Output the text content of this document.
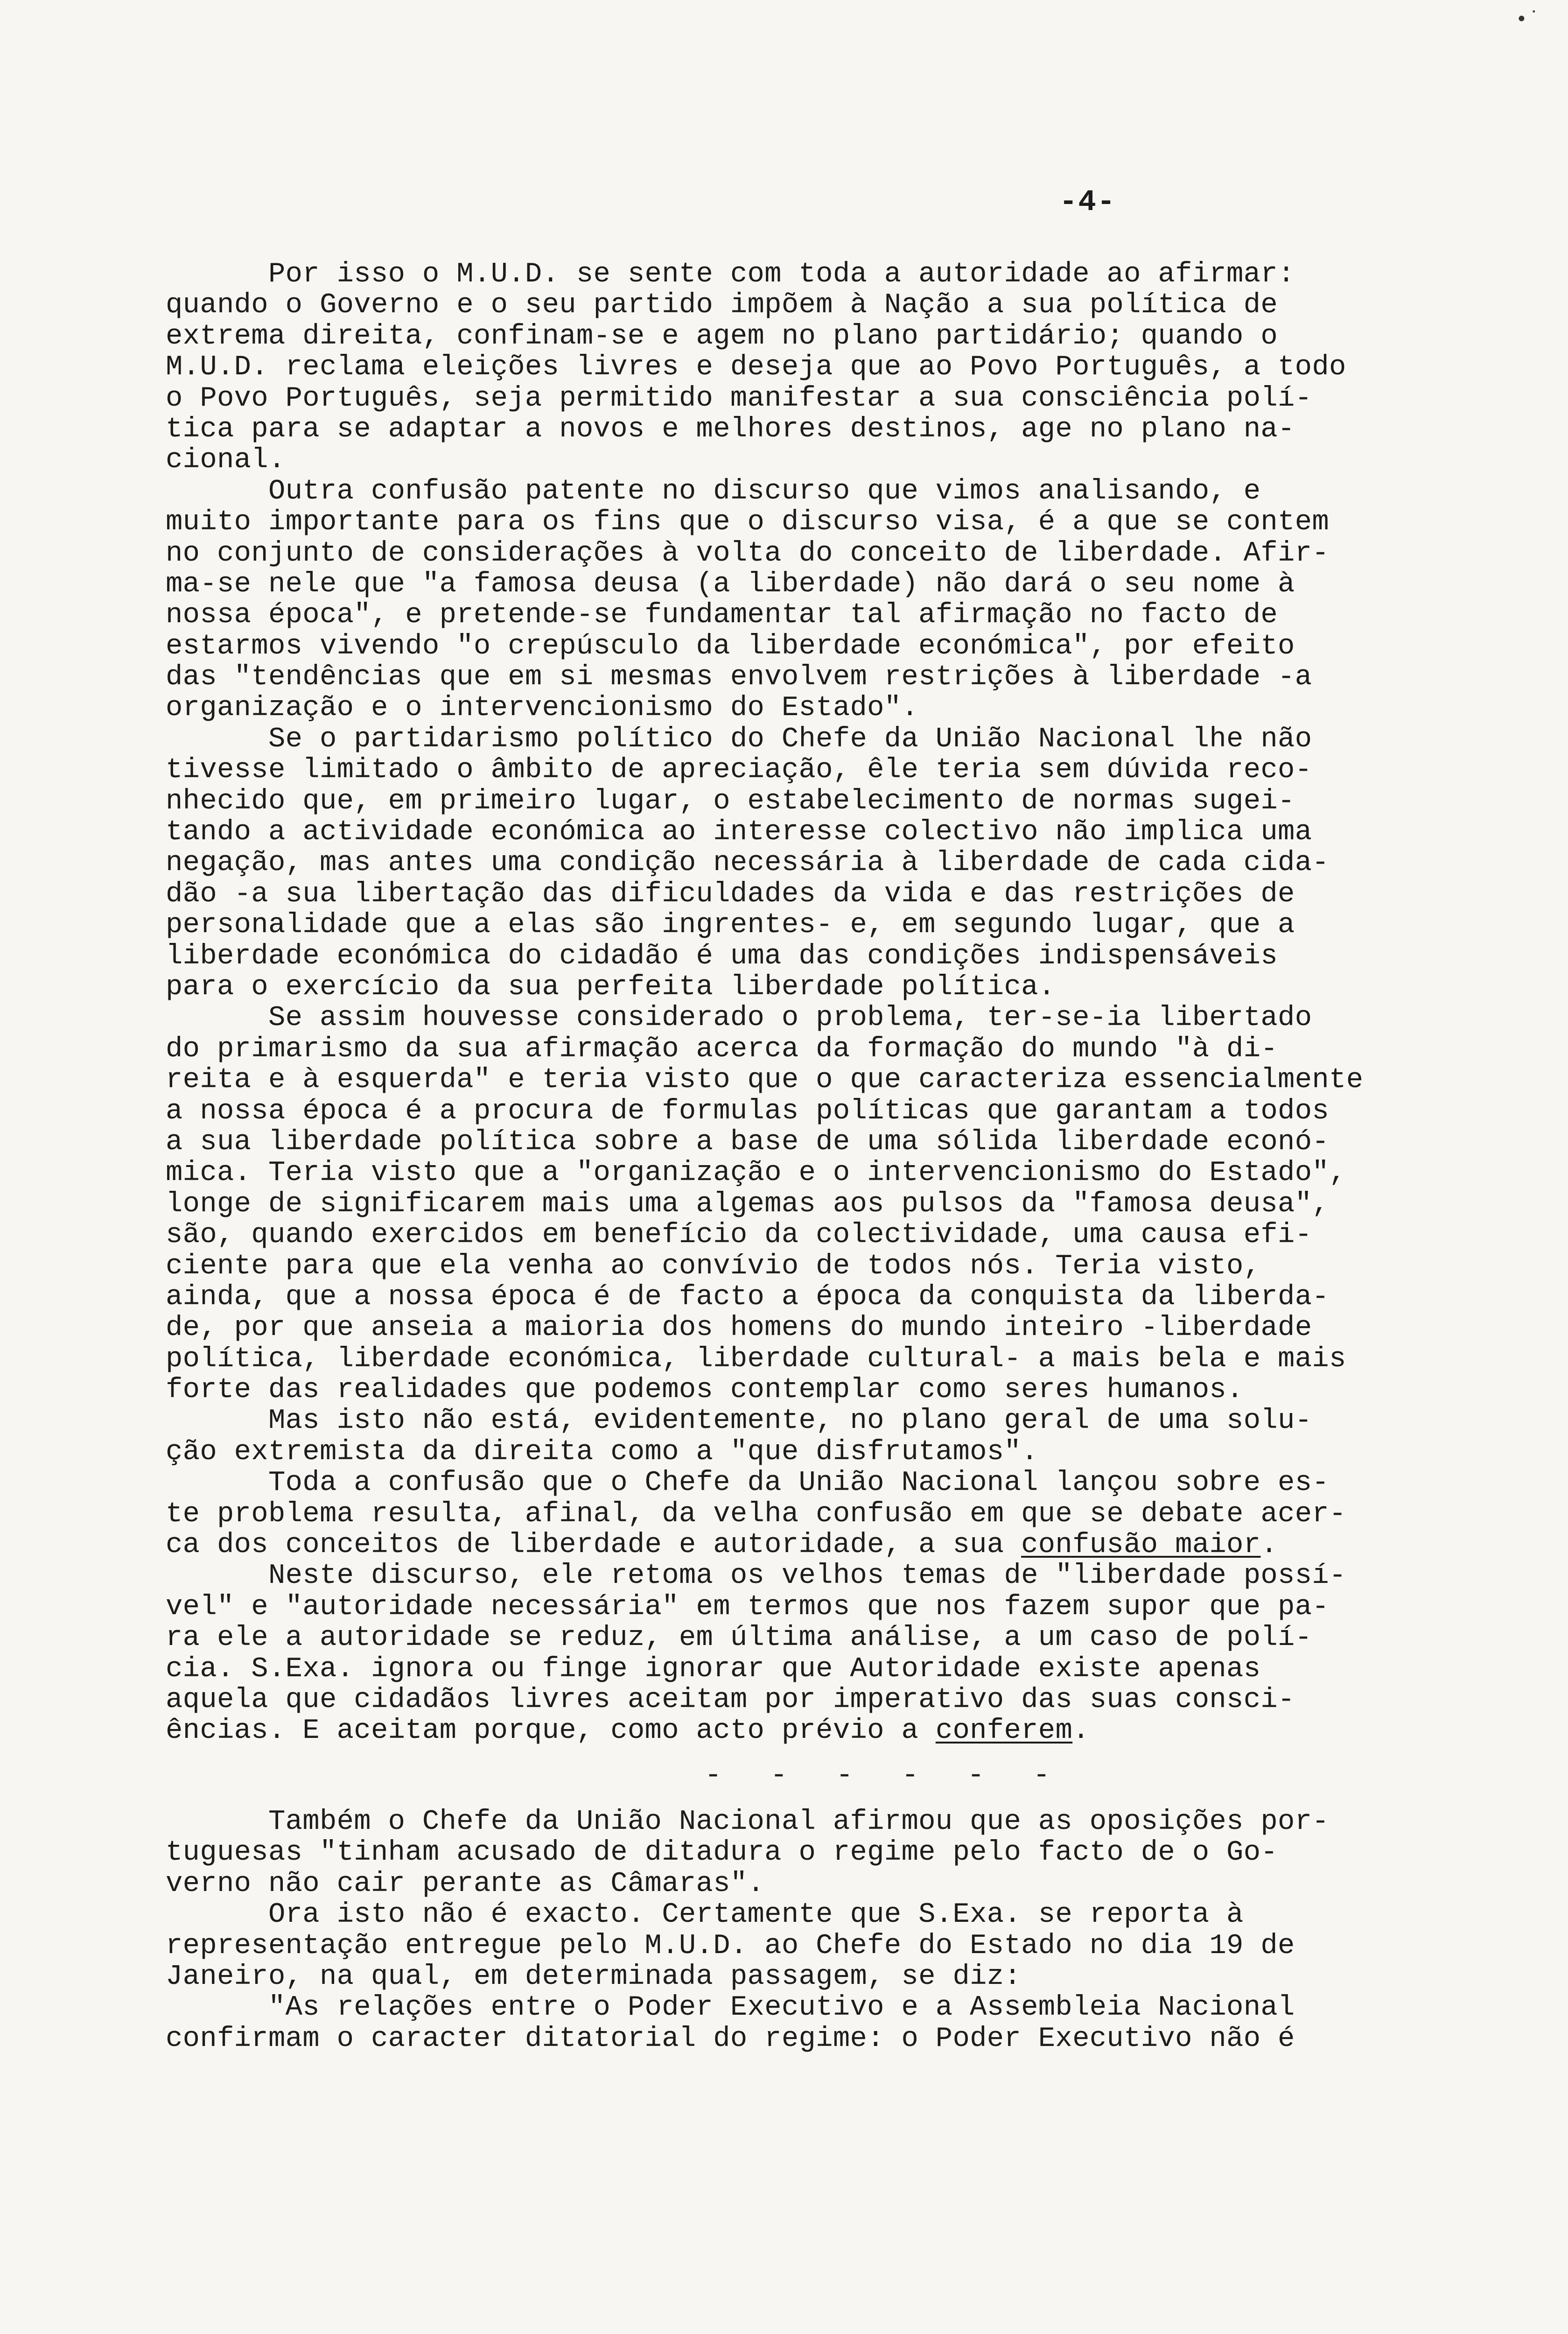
•˙
-4-
Por isso o M.U.D. se sente com toda a autoridade ao afirmar:
quando o Governo e o seu partido impõem à Nação a sua política de
extrema direita, confinam-se e agem no plano partidário; quando o
M.U.D. reclama eleições livres e deseja que ao Povo Português, a todo
o Povo Português, seja permitido manifestar a sua consciência polí-
tica para se adaptar a novos e melhores destinos, age no plano na-
cional.
Outra confusão patente no discurso que vimos analisando, e
muito importante para os fins que o discurso visa, é a que se contem
no conjunto de considerações à volta do conceito de liberdade. Afir-
ma-se nele que "a famosa deusa (a liberdade) não dará o seu nome à
nossa época", e pretende-se fundamentar tal afirmação no facto de
estarmos vivendo "o crepúsculo da liberdade económica", por efeito
das "tendências que em si mesmas envolvem restrições à liberdade -a
organização e o intervencionismo do Estado".
Se o partidarismo político do Chefe da União Nacional lhe não
tivesse limitado o âmbito de apreciação, êle teria sem dúvida reco-
nhecido que, em primeiro lugar, o estabelecimento de normas sugei-
tando a actividade económica ao interesse colectivo não implica uma
negação, mas antes uma condição necessária à liberdade de cada cida-
dão -a sua libertação das dificuldades da vida e das restrições de
personalidade que a elas são ingrentes- e, em segundo lugar, que a
liberdade económica do cidadão é uma das condições indispensáveis
para o exercício da sua perfeita liberdade política.
Se assim houvesse considerado o problema, ter-se-ia libertado
do primarismo da sua afirmação acerca da formação do mundo "à di-
reita e à esquerda" e teria visto que o que caracteriza essencialmente
a nossa época é a procura de formulas políticas que garantam a todos
a sua liberdade política sobre a base de uma sólida liberdade econó-
mica. Teria visto que a "organização e o intervencionismo do Estado",
longe de significarem mais uma algemas aos pulsos da "famosa deusa",
são, quando exercidos em benefício da colectividade, uma causa efi-
ciente para que ela venha ao convívio de todos nós. Teria visto,
ainda, que a nossa época é de facto a época da conquista da liberda-
de, por que anseia a maioria dos homens do mundo inteiro -liberdade
política, liberdade económica, liberdade cultural- a mais bela e mais
forte das realidades que podemos contemplar como seres humanos.
Mas isto não está, evidentemente, no plano geral de uma solu-
ção extremista da direita como a "que disfrutamos".
Toda a confusão que o Chefe da União Nacional lançou sobre es-
te problema resulta, afinal, da velha confusão em que se debate acer-
ca dos conceitos de liberdade e autoridade, a sua confusão maior.
Neste discurso, ele retoma os velhos temas de "liberdade possí-
vel" e "autoridade necessária" em termos que nos fazem supor que pa-
ra ele a autoridade se reduz, em última análise, a um caso de polí-
cia. S.Exa. ignora ou finge ignorar que Autoridade existe apenas
aquela que cidadãos livres aceitam por imperativo das suas consci-
ências. E aceitam porque, como acto prévio a conferem.
- - - - - -
Também o Chefe da União Nacional afirmou que as oposições por-
tuguesas "tinham acusado de ditadura o regime pelo facto de o Go-
verno não cair perante as Câmaras".
Ora isto não é exacto. Certamente que S.Exa. se reporta à
representação entregue pelo M.U.D. ao Chefe do Estado no dia 19 de
Janeiro, na qual, em determinada passagem, se diz:
"As relações entre o Poder Executivo e a Assembleia Nacional
confirmam o caracter ditatorial do regime: o Poder Executivo não é
